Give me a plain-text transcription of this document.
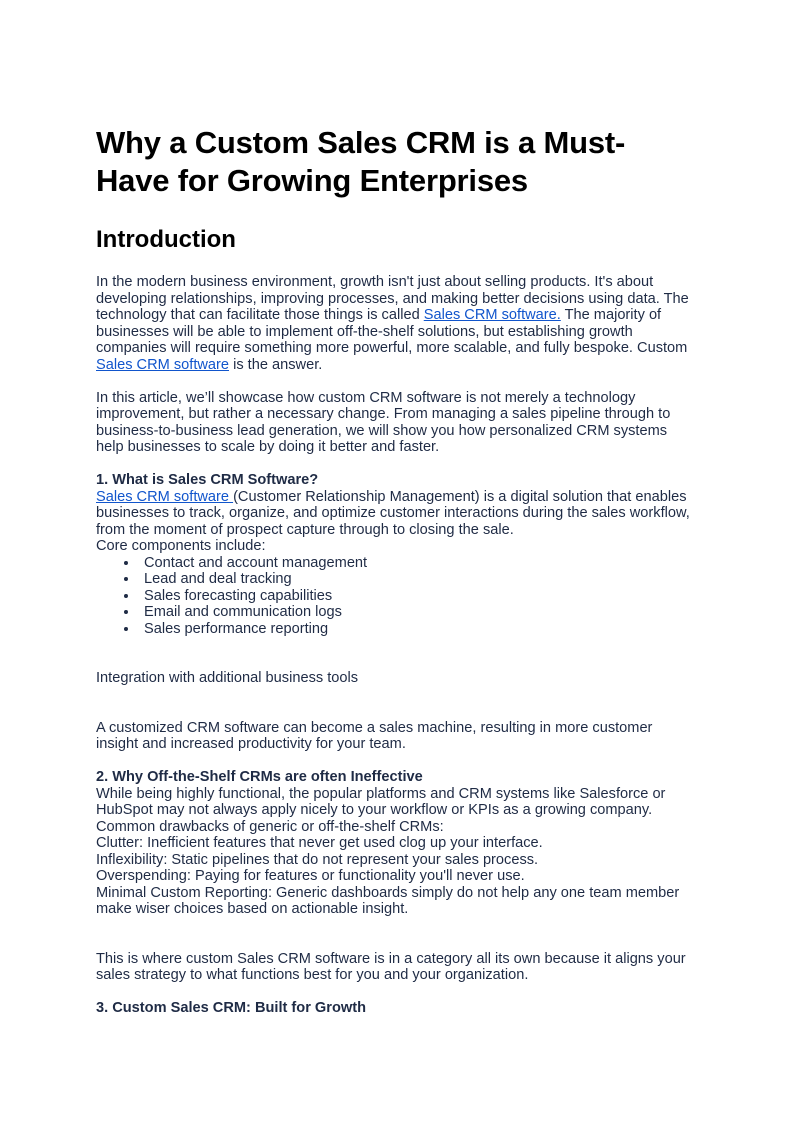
Why a Custom Sales CRM is a Must-Have for Growing Enterprises
Introduction

In the modern business environment, growth isn't just about selling products. It's about developing relationships, improving processes, and making better decisions using data. The technology that can facilitate those things is called Sales CRM software. The majority of businesses will be able to implement off-the-shelf solutions, but establishing growth companies will require something more powerful, more scalable, and fully bespoke. Custom Sales CRM software is the answer.

In this article, we’ll showcase how custom CRM software is not merely a technology improvement, but rather a necessary change. From managing a sales pipeline through to business-to-business lead generation, we will show you how personalized CRM systems help businesses to scale by doing it better and faster.

1. What is Sales CRM Software?

Sales CRM software (Customer Relationship Management) is a digital solution that enables businesses to track, organize, and optimize customer interactions during the sales workflow, from the moment of prospect capture through to closing the sale.

Core components include:

• Contact and account management
• Lead and deal tracking
• Sales forecasting capabilities
• Email and communication logs
• Sales performance reporting

Integration with additional business tools

A customized CRM software can become a sales machine, resulting in more customer insight and increased productivity for your team.

2. Why Off-the-Shelf CRMs are often Ineffective

While being highly functional, the popular platforms and CRM systems like Salesforce or HubSpot may not always apply nicely to your workflow or KPIs as a growing company.

Common drawbacks of generic or off-the-shelf CRMs:

Clutter: Inefficient features that never get used clog up your interface.

Inflexibility: Static pipelines that do not represent your sales process.

Overspending: Paying for features or functionality you'll never use.

Minimal Custom Reporting: Generic dashboards simply do not help any one team member make wiser choices based on actionable insight.

This is where custom Sales CRM software is in a category all its own because it aligns your sales strategy to what functions best for you and your organization.

3. Custom Sales CRM: Built for Growth
